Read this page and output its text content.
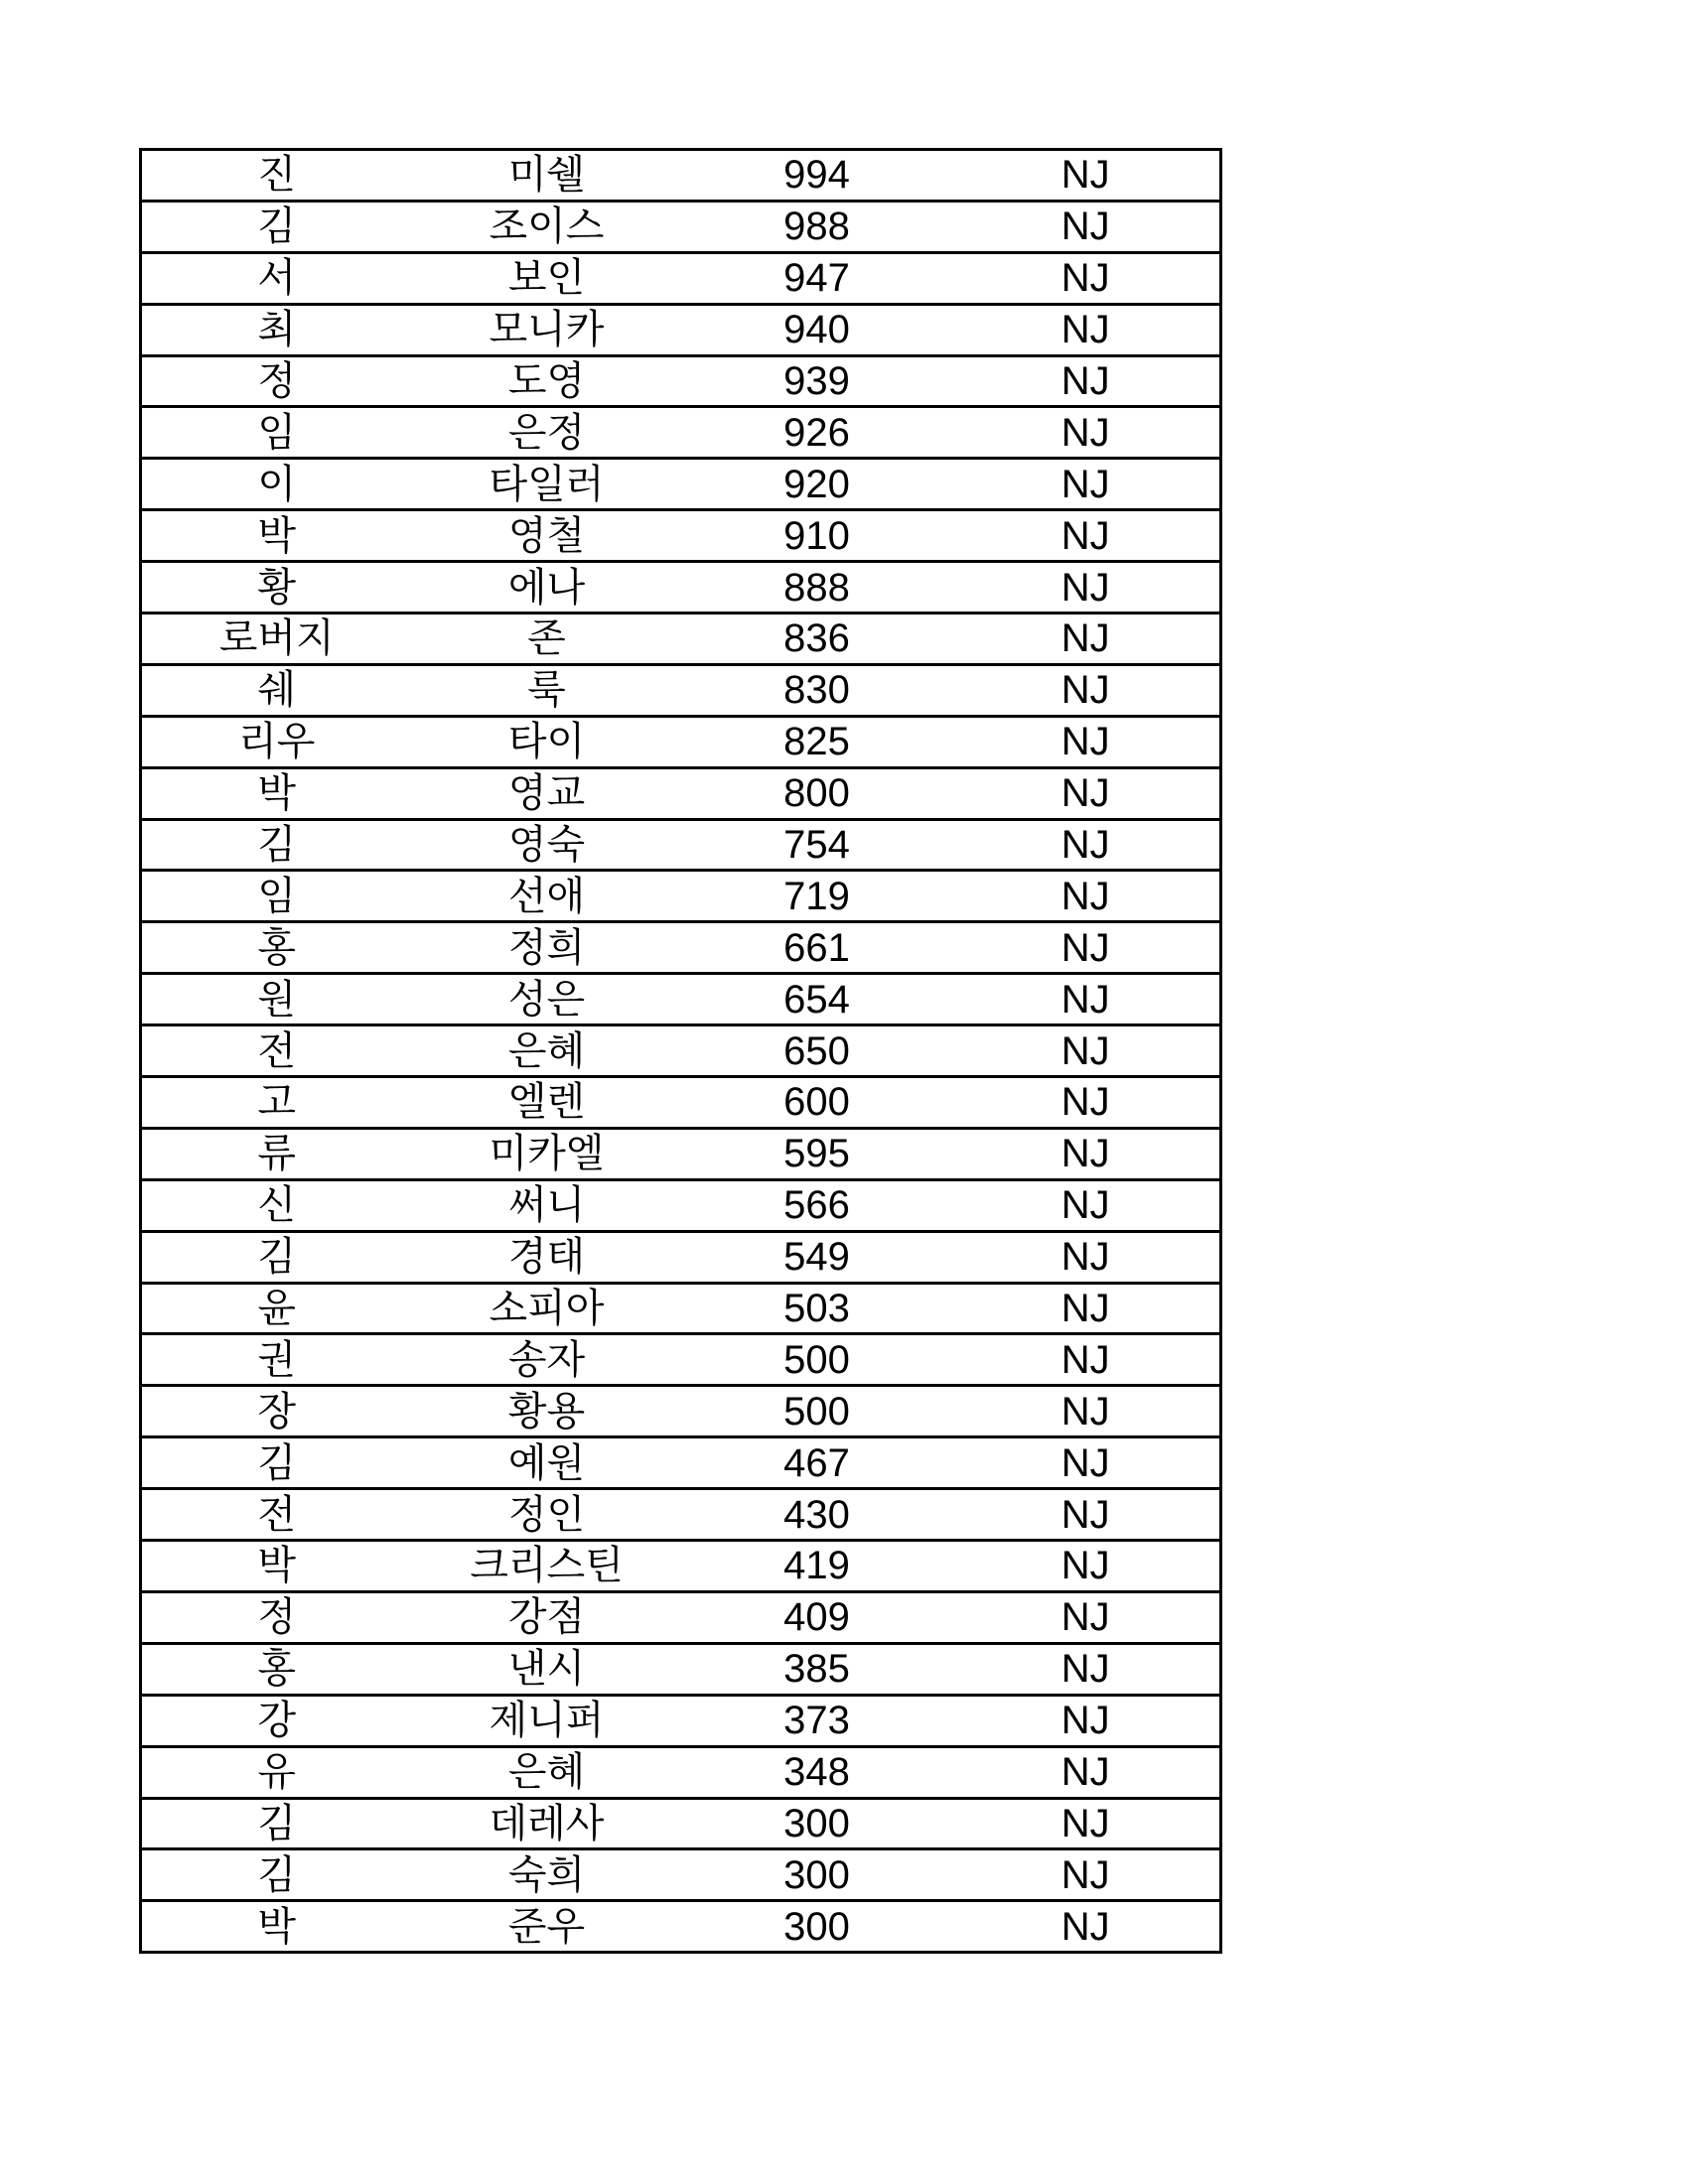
진	미쉘	994	NJ
김	조이스	988	NJ
서	보인	947	NJ
최	모니카	940	NJ
정	도영	939	NJ
임	은정	926	NJ
이	타일러	920	NJ
박	영철	910	NJ
황	에나	888	NJ
로버지	존	836	NJ
쉐	룩	830	NJ
리우	타이	825	NJ
박	영교	800	NJ
김	영숙	754	NJ
임	선애	719	NJ
홍	정희	661	NJ
원	성은	654	NJ
전	은혜	650	NJ
고	엘렌	600	NJ
류	미카엘	595	NJ
신	써니	566	NJ
김	경태	549	NJ
윤	소피아	503	NJ
권	송자	500	NJ
장	황용	500	NJ
김	예원	467	NJ
전	정인	430	NJ
박	크리스틴	419	NJ
정	강점	409	NJ
홍	낸시	385	NJ
강	제니퍼	373	NJ
유	은혜	348	NJ
김	데레사	300	NJ
김	숙희	300	NJ
박	준우	300	NJ
